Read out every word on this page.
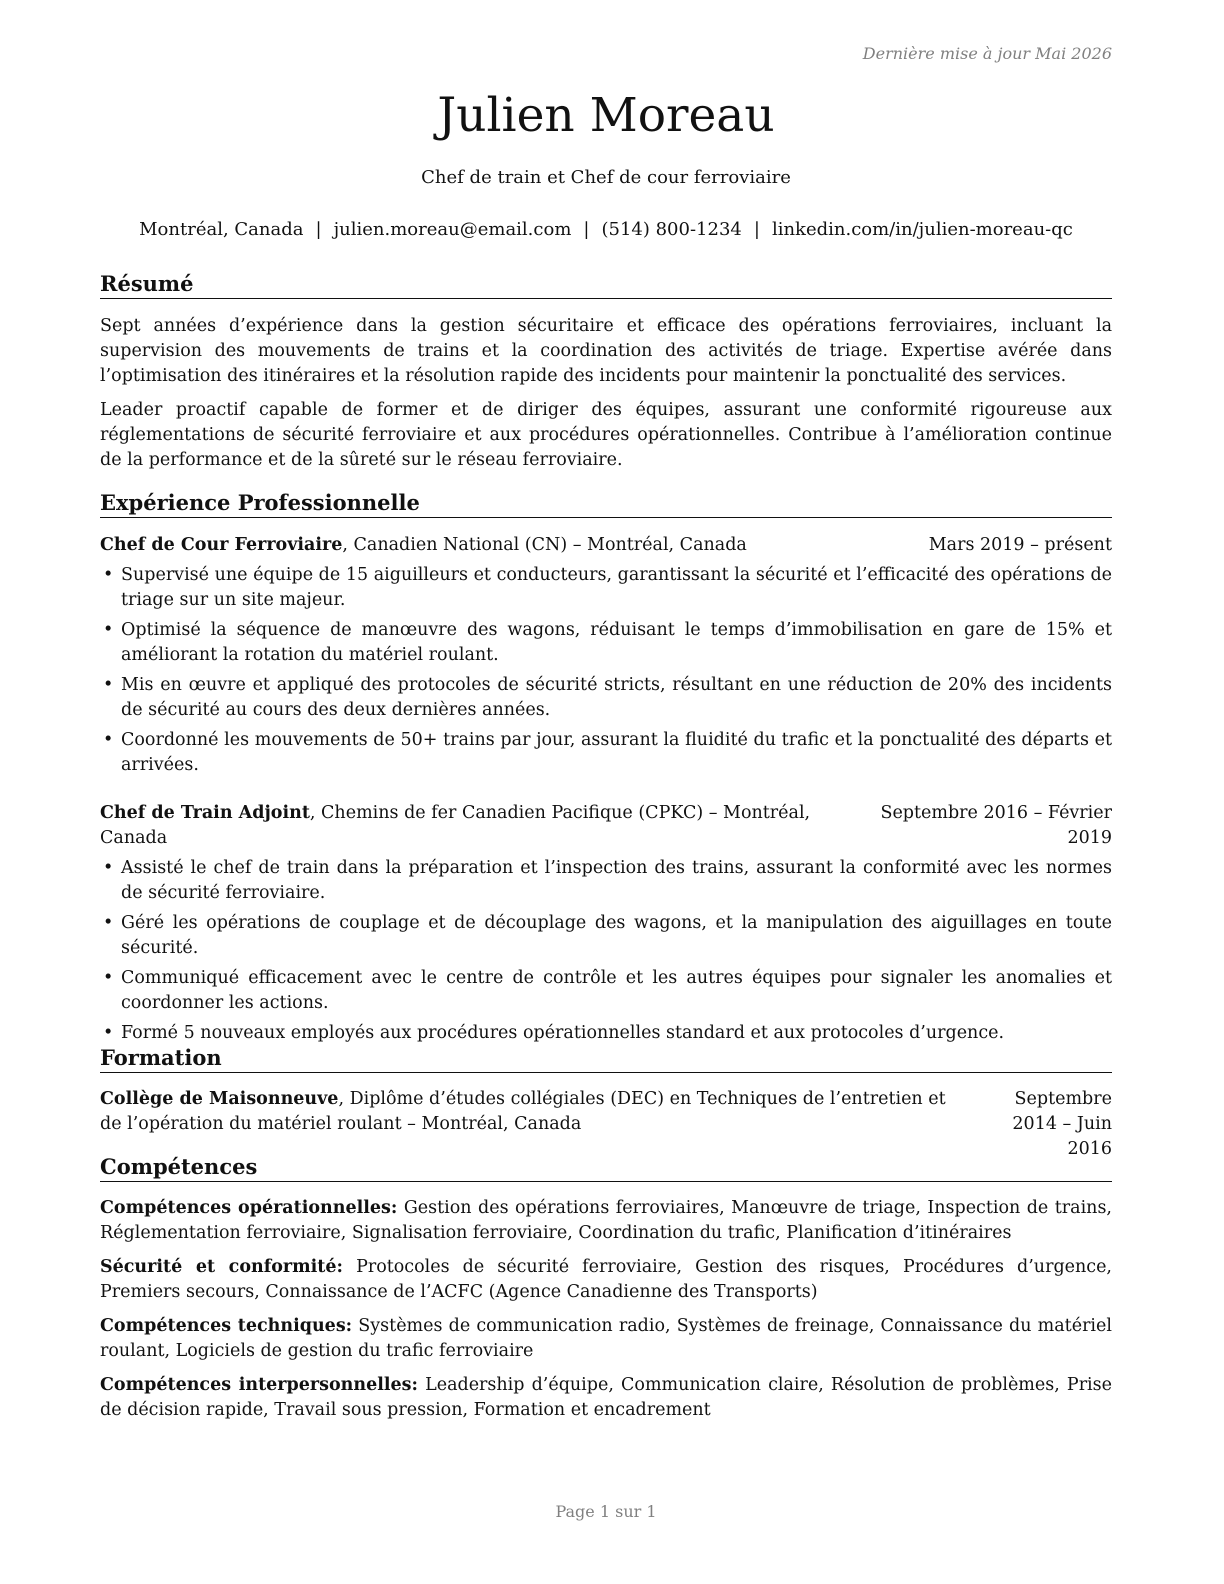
Dernière mise à jour Mai 2026
Julien Moreau
Chef de train et Chef de cour ferroviaire
Montréal, Canada | julien.moreau@email.com | (514) 800-1234 | linkedin.com/in/julien-moreau-qc
Résumé
Sept années d’expérience dans la gestion sécuritaire et efficace des opérations ferroviaires, incluant la supervision des mouvements de trains et la coordination des activités de triage. Expertise avérée dans l’optimisation des itinéraires et la résolution rapide des incidents pour maintenir la ponctualité des services.
Leader proactif capable de former et de diriger des équipes, assurant une conformité rigoureuse aux réglementations de sécurité ferroviaire et aux procédures opérationnelles. Contribue à l’amélioration continue de la performance et de la sûreté sur le réseau ferroviaire.
Expérience Professionnelle
Chef de Cour Ferroviaire, Canadien National (CN) – Montréal, Canada	Mars 2019 – présent
• Supervisé une équipe de 15 aiguilleurs et conducteurs, garantissant la sécurité et l’efficacité des opérations de triage sur un site majeur.
• Optimisé la séquence de manœuvre des wagons, réduisant le temps d’immobilisation en gare de 15% et améliorant la rotation du matériel roulant.
• Mis en œuvre et appliqué des protocoles de sécurité stricts, résultant en une réduction de 20% des incidents de sécurité au cours des deux dernières années.
• Coordonné les mouvements de 50+ trains par jour, assurant la fluidité du trafic et la ponctualité des départs et arrivées.
Chef de Train Adjoint, Chemins de fer Canadien Pacifique (CPKC) – Montréal, Canada
Septembre 2016 – Février 2019
• Assisté le chef de train dans la préparation et l’inspection des trains, assurant la conformité avec les normes de sécurité ferroviaire.
• Géré les opérations de couplage et de découplage des wagons, et la manipulation des aiguillages en toute sécurité.
• Communiqué efficacement avec le centre de contrôle et les autres équipes pour signaler les anomalies et coordonner les actions.
• Formé 5 nouveaux employés aux procédures opérationnelles standard et aux protocoles d’urgence.
Formation
Collège de Maisonneuve, Diplôme d’études collégiales (DEC) en Techniques de l’entretien et de l’opération du matériel roulant – Montréal, Canada
Septembre 2014 – Juin 2016
Compétences
Compétences opérationnelles: Gestion des opérations ferroviaires, Manœuvre de triage, Inspection de trains, Réglementation ferroviaire, Signalisation ferroviaire, Coordination du trafic, Planification d’itinéraires
Sécurité et conformité: Protocoles de sécurité ferroviaire, Gestion des risques, Procédures d’urgence, Premiers secours, Connaissance de l’ACFC (Agence Canadienne des Transports)
Compétences techniques: Systèmes de communication radio, Systèmes de freinage, Connaissance du matériel roulant, Logiciels de gestion du trafic ferroviaire
Compétences interpersonnelles: Leadership d’équipe, Communication claire, Résolution de problèmes, Prise de décision rapide, Travail sous pression, Formation et encadrement
Page 1 sur 1
